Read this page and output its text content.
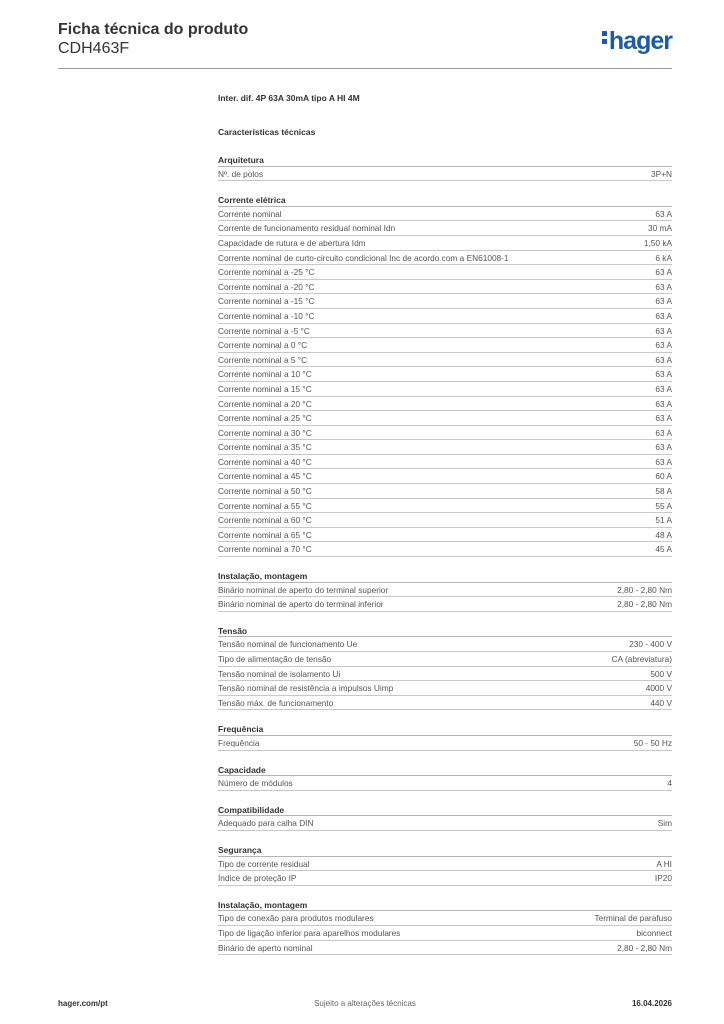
Ficha técnica do produto
CDH463F	hager
Inter. dif. 4P 63A 30mA tipo A HI 4M
Características técnicas
Arquitetura
Nº. de polos	3P+N
Corrente elétrica
Corrente nominal	63 A
Corrente de funcionamento residual nominal Idn	30 mA
Capacidade de rutura e de abertura Idm	1,50 kA
Corrente nominal de curto-circuito condicional Inc de acordo com a EN61008-1	6 kA
Corrente nominal a -25 °C	63 A
Corrente nominal a -20 °C	63 A
Corrente nominal a -15 °C	63 A
Corrente nominal a -10 °C	63 A
Corrente nominal a -5 °C	63 A
Corrente nominal a 0 °C	63 A
Corrente nominal a 5 °C	63 A
Corrente nominal a 10 °C	63 A
Corrente nominal a 15 °C	63 A
Corrente nominal a 20 °C	63 A
Corrente nominal a 25 °C	63 A
Corrente nominal a 30 °C	63 A
Corrente nominal a 35 °C	63 A
Corrente nominal a 40 °C	63 A
Corrente nominal a 45 °C	60 A
Corrente nominal a 50 °C	58 A
Corrente nominal a 55 °C	55 A
Corrente nominal a 60 °C	51 A
Corrente nominal a 65 °C	48 A
Corrente nominal a 70 °C	45 A
Instalação, montagem
Binário nominal de aperto do terminal superior	2,80 - 2,80 Nm
Binário nominal de aperto do terminal inferior	2,80 - 2,80 Nm
Tensão
Tensão nominal de funcionamento Ue	230 - 400 V
Tipo de alimentação de tensão	CA (abreviatura)
Tensão nominal de isolamento Ui	500 V
Tensão nominal de resistência a impulsos Uimp	4000 V
Tensão máx. de funcionamento	440 V
Frequência
Frequência	50 - 50 Hz
Capacidade
Número de módulos	4
Compatibilidade
Adequado para calha DIN	Sim
Segurança
Tipo de corrente residual	A HI
Índice de proteção IP	IP20
Instalação, montagem
Tipo de conexão para produtos modulares	Terminal de parafuso
Tipo de ligação inferior para aparelhos modulares	biconnect
Binário de aperto nominal	2,80 - 2,80 Nm
hager.com/pt	Sujeito a alterações técnicas	16.04.2026
